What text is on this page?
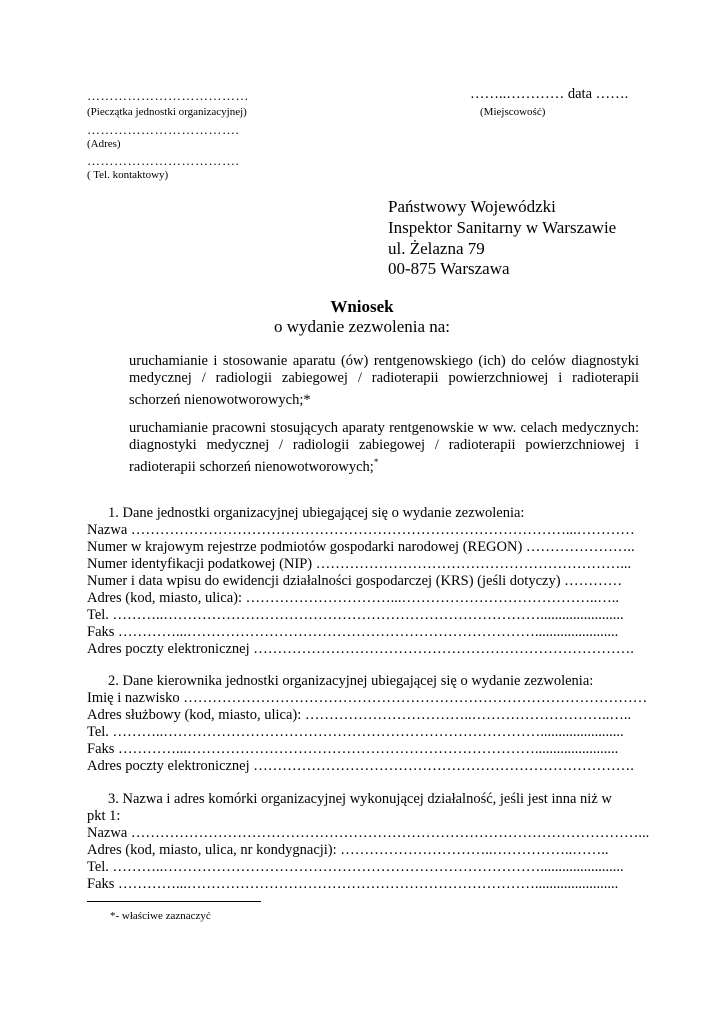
………………………………
(Pieczątka jednostki organizacyjnej)
……..………… data …….
(Miejscowość)
…………………………….
(Adres)
…………………………….
( Tel. kontaktowy)
Państwowy Wojewódzki
Inspektor Sanitarny w Warszawie
ul. Żelazna 79
00-875 Warszawa
Wniosek
o wydanie zezwolenia na:
uruchamianie i stosowanie aparatu (ów) rentgenowskiego (ich) do celów diagnostyki medycznej / radiologii zabiegowej / radioterapii powierzchniowej i radioterapii schorzeń nienowotworowych;*
uruchamianie pracowni stosujących aparaty rentgenowskie w ww. celach medycznych: diagnostyki medycznej / radiologii zabiegowej / radioterapii powierzchniowej i radioterapii schorzeń nienowotworowych;*
1. Dane jednostki organizacyjnej ubiegającej się o wydanie zezwolenia:
Nazwa ………………………………………………………………………………...…………
Numer w krajowym rejestrze podmiotów gospodarki narodowej (REGON) …………………..
Numer identyfikacji podatkowej (NIP) ………………………………………………………...
Numer i data wpisu do ewidencji działalności gospodarczej (KRS) (jeśli dotyczy) …………
Adres (kod, miasto, ulica): …………………………...…………………………………..…..
Tel. ………..…………………………………………………………………….......................
Faks …………...……………………………………………………………….......................
Adres poczty elektronicznej …………………………………………………………………….
2. Dane kierownika jednostki organizacyjnej ubiegającej się o wydanie zezwolenia:
Imię i nazwisko ……………………………………………………………………………………
Adres służbowy (kod, miasto, ulica): ……………………………..………………………..…..
Tel. ………..…………………………………………………………………….......................
Faks …………...……………………………………………………………….......................
Adres poczty elektronicznej …………………………………………………………………….
3. Nazwa i adres komórki organizacyjnej wykonującej działalność, jeśli jest inna niż w
pkt 1:
Nazwa ……………………………………………………………………………………………...
Adres (kod, miasto, ulica, nr kondygnacji): …………………………..……………..……..
Tel. ………..…………………………………………………………………….......................
Faks …………...……………………………………………………………….......................
*- właściwe zaznaczyć
